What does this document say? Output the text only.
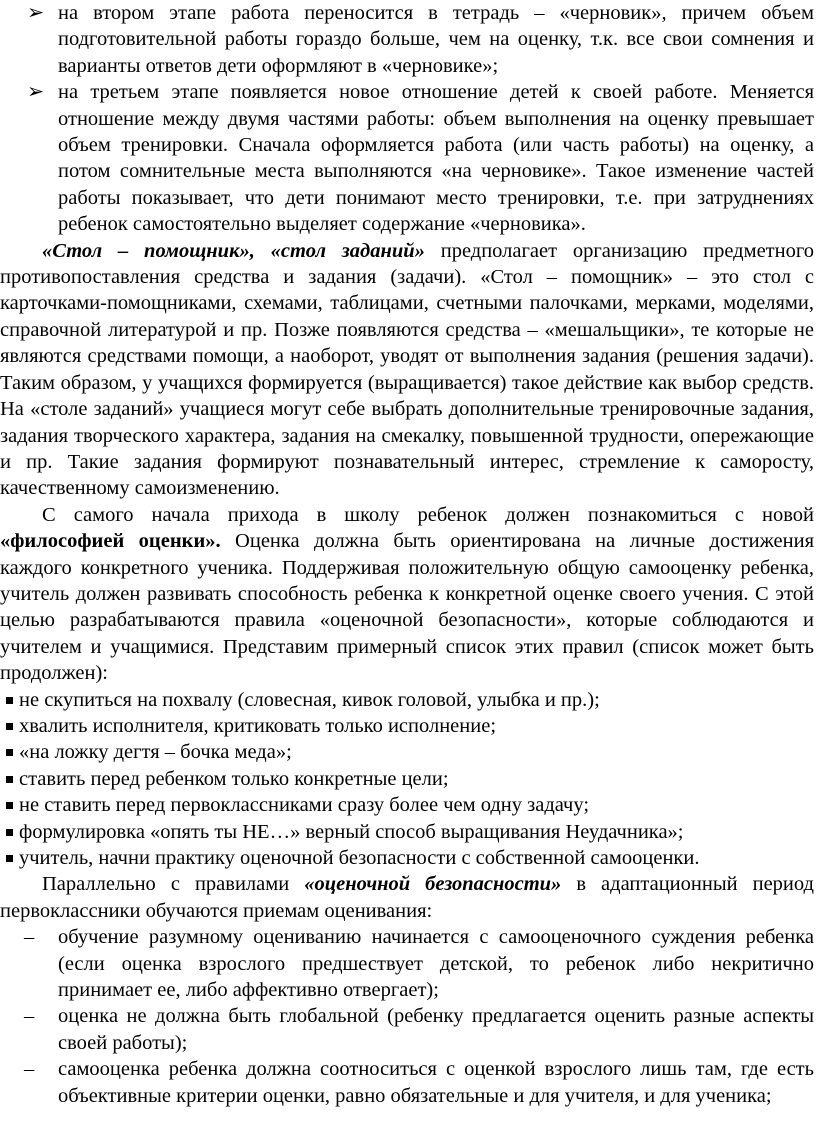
➢ на втором этапе работа переносится в тетрадь – «черновик», причем объем подготовительной работы гораздо больше, чем на оценку, т.к. все свои сомнения и варианты ответов дети оформляют в «черновике»;
➢ на третьем этапе появляется новое отношение детей к своей работе. Меняется отношение между двумя частями работы: объем выполнения на оценку превышает объем тренировки. Сначала оформляется работа (или часть работы) на оценку, а потом сомнительные места выполняются «на черновике». Такое изменение частей работы показывает, что дети понимают место тренировки, т.е. при затруднениях ребенок самостоятельно выделяет содержание «черновика».
«Стол – помощник», «стол заданий» предполагает организацию предметного противопоставления средства и задания (задачи). «Стол – помощник» – это стол с карточками-помощниками, схемами, таблицами, счетными палочками, мерками, моделями, справочной литературой и пр. Позже появляются средства – «мешальщики», те которые не являются средствами помощи, а наоборот, уводят от выполнения задания (решения задачи). Таким образом, у учащихся формируется (выращивается) такое действие как выбор средств. На «столе заданий» учащиеся могут себе выбрать дополнительные тренировочные задания, задания творческого характера, задания на смекалку, повышенной трудности, опережающие и пр. Такие задания формируют познавательный интерес, стремление к саморосту, качественному самоизменению.
С самого начала прихода в школу ребенок должен познакомиться с новой «философией оценки». Оценка должна быть ориентирована на личные достижения каждого конкретного ученика. Поддерживая положительную общую самооценку ребенка, учитель должен развивать способность ребенка к конкретной оценке своего учения. С этой целью разрабатываются правила «оценочной безопасности», которые соблюдаются и учителем и учащимися. Представим примерный список этих правил (список может быть продолжен):
не скупиться на похвалу (словесная, кивок головой, улыбка и пр.);
хвалить исполнителя, критиковать только исполнение;
«на ложку дегтя – бочка меда»;
ставить перед ребенком только конкретные цели;
не ставить перед первоклассниками сразу более чем одну задачу;
формулировка «опять ты НЕ…» верный способ выращивания Неудачника»;
учитель, начни практику оценочной безопасности с собственной самооценки.
Параллельно с правилами «оценочной безопасности» в адаптационный период первоклассники обучаются приемам оценивания:
– обучение разумному оцениванию начинается с самооценочного суждения ребенка (если оценка взрослого предшествует детской, то ребенок либо некритично принимает ее, либо аффективно отвергает);
– оценка не должна быть глобальной (ребенку предлагается оценить разные аспекты своей работы);
– самооценка ребенка должна соотноситься с оценкой взрослого лишь там, где есть объективные критерии оценки, равно обязательные и для учителя, и для ученика;
